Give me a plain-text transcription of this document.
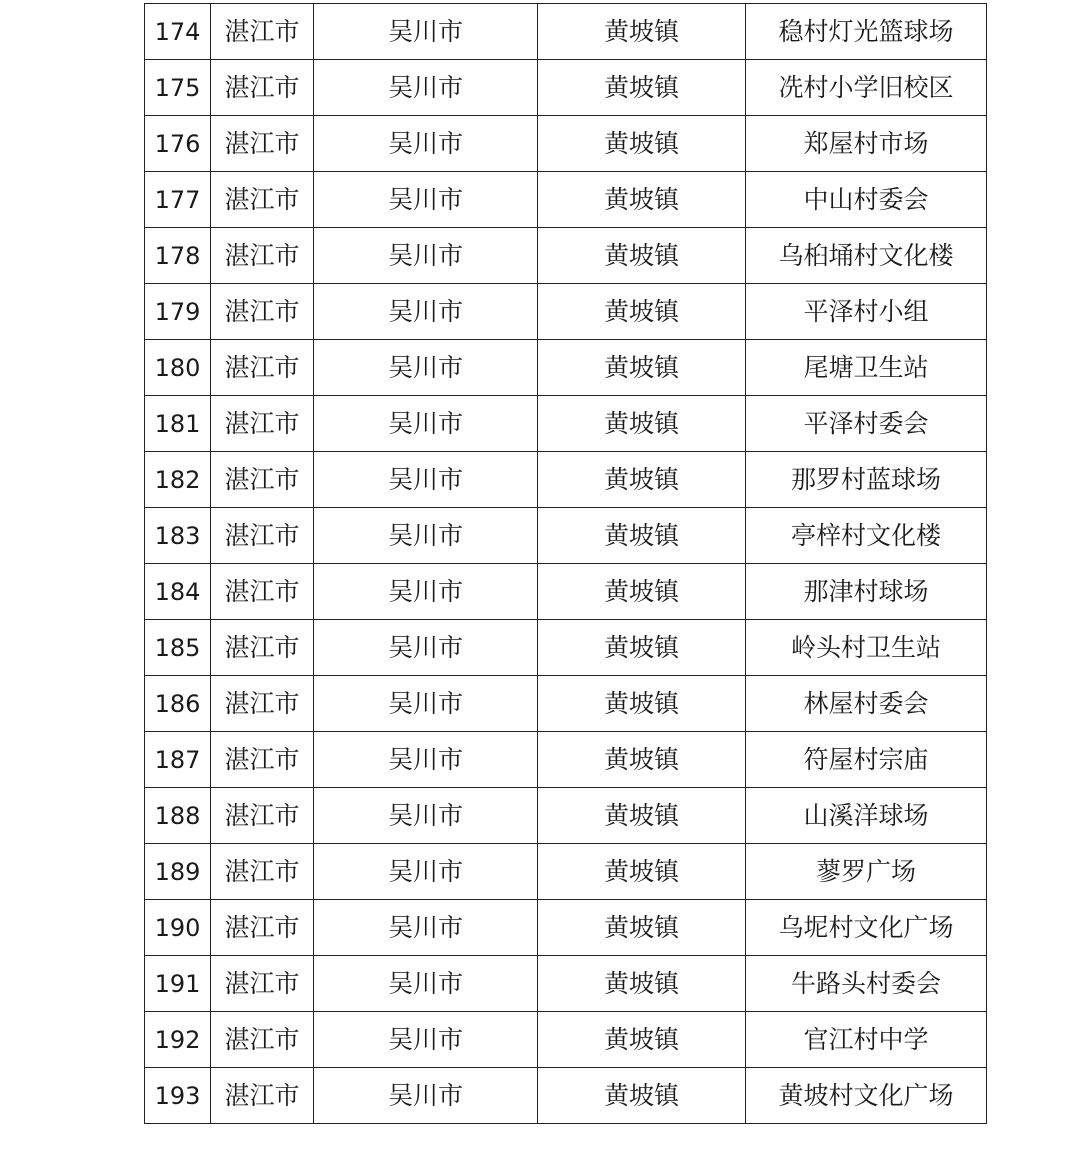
174	湛江市	吴川市	黄坡镇	稳村灯光篮球场
175	湛江市	吴川市	黄坡镇	冼村小学旧校区
176	湛江市	吴川市	黄坡镇	郑屋村市场
177	湛江市	吴川市	黄坡镇	中山村委会
178	湛江市	吴川市	黄坡镇	乌桕埇村文化楼
179	湛江市	吴川市	黄坡镇	平泽村小组
180	湛江市	吴川市	黄坡镇	尾塘卫生站
181	湛江市	吴川市	黄坡镇	平泽村委会
182	湛江市	吴川市	黄坡镇	那罗村蓝球场
183	湛江市	吴川市	黄坡镇	亭梓村文化楼
184	湛江市	吴川市	黄坡镇	那津村球场
185	湛江市	吴川市	黄坡镇	岭头村卫生站
186	湛江市	吴川市	黄坡镇	林屋村委会
187	湛江市	吴川市	黄坡镇	符屋村宗庙
188	湛江市	吴川市	黄坡镇	山溪洋球场
189	湛江市	吴川市	黄坡镇	蓼罗广场
190	湛江市	吴川市	黄坡镇	乌坭村文化广场
191	湛江市	吴川市	黄坡镇	牛路头村委会
192	湛江市	吴川市	黄坡镇	官江村中学
193	湛江市	吴川市	黄坡镇	黄坡村文化广场
